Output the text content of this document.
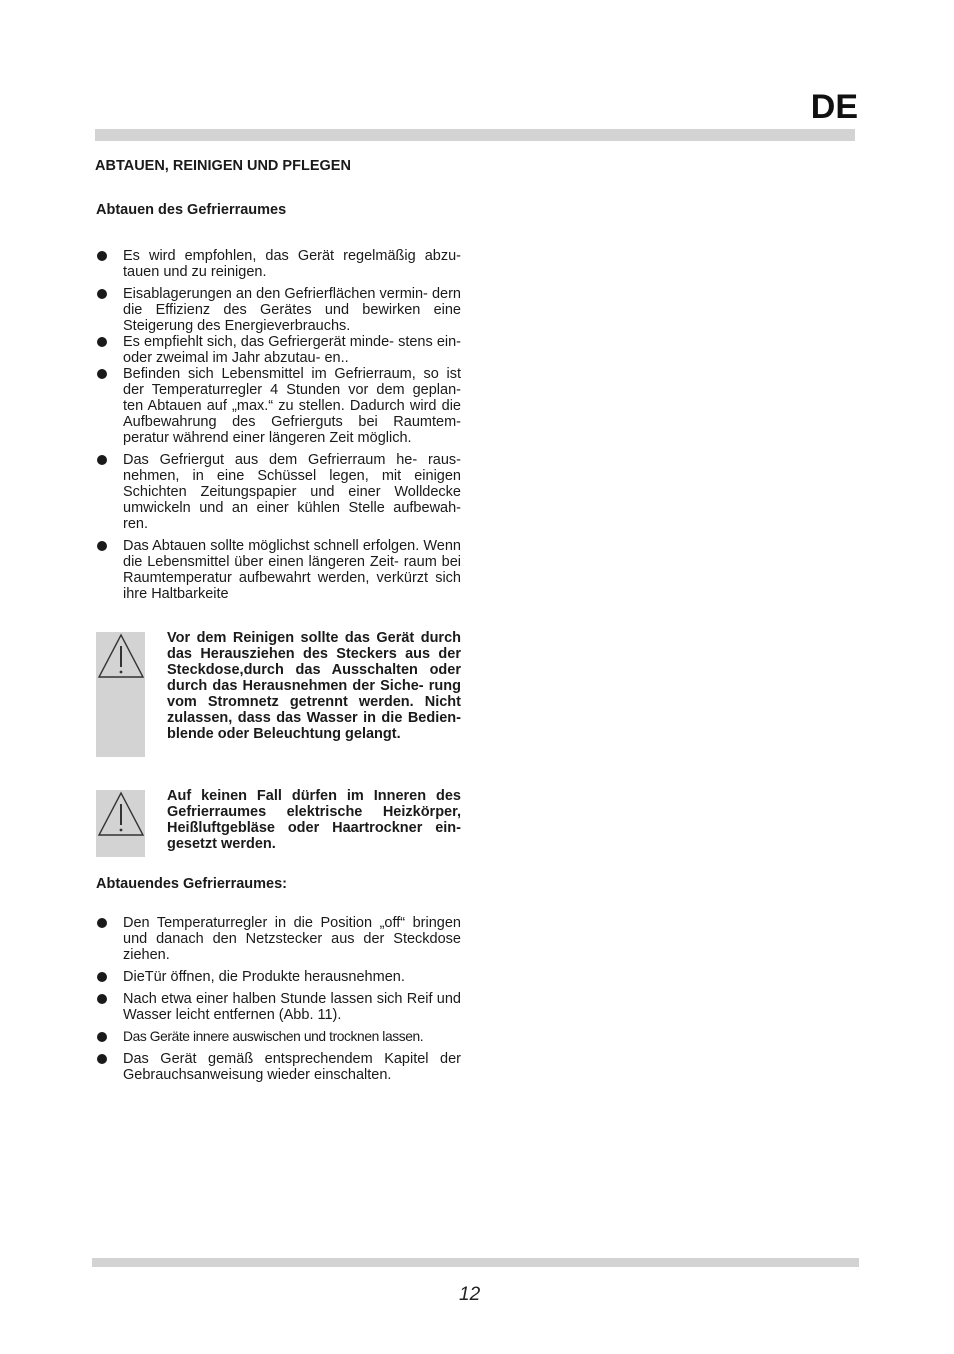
DE
ABTAUEN, REINIGEN UND PFLEGEN
Abtauen des Gefrierraumes
Es wird empfohlen, das Gerät regelmäßig abzu- tauen und zu reinigen.
Eisablagerungen an den Gefrierflächen vermin- dern die Effizienz des Gerätes und bewirken eine Steigerung des Energieverbrauchs.
Es empfiehlt sich, das Gefriergerät minde- stens ein- oder zweimal im Jahr abzutau- en..
Befinden sich Lebensmittel im Gefrierraum, so ist der Temperaturregler 4 Stunden vor dem geplan- ten Abtauen auf „max.“ zu stellen. Dadurch wird die Aufbewahrung des Gefrierguts bei Raumtem- peratur während einer längeren Zeit möglich.
Das Gefriergut aus dem Gefrierraum he- raus- nehmen, in eine Schüssel legen, mit einigen Schichten Zeitungspapier und einer Wolldecke umwickeln und an einer kühlen Stelle aufbewah- ren.
Das Abtauen sollte möglichst schnell erfolgen. Wenn die Lebensmittel über einen längeren Zeit- raum bei Raumtemperatur aufbewahrt werden, verkürzt sich ihre Haltbarkeite
Vor dem Reinigen sollte das Gerät durch das Herausziehen des Steckers aus der Steckdose,durch das Ausschalten oder durch das Herausnehmen der Siche- rung vom Stromnetz getrennt werden. Nicht zulassen, dass das Wasser in die Bedien- blende oder Beleuchtung gelangt.
Auf keinen Fall dürfen im Inneren des Gefrierraumes elektrische Heizkörper, Heißluftgebläse oder Haartrockner ein- gesetzt werden.
Abtauendes Gefrierraumes:
Den Temperaturregler in die Position „off“ bringen und danach den Netzstecker aus der Steckdose ziehen.
DieTür öffnen, die Produkte herausnehmen.
Nach etwa einer halben Stunde lassen sich Reif und Wasser leicht entfernen (Abb. 11).
Das Geräte innere auswischen und trocknen lassen.
Das Gerät gemäß entsprechendem Kapitel der Gebrauchsanweisung wieder einschalten.
12
